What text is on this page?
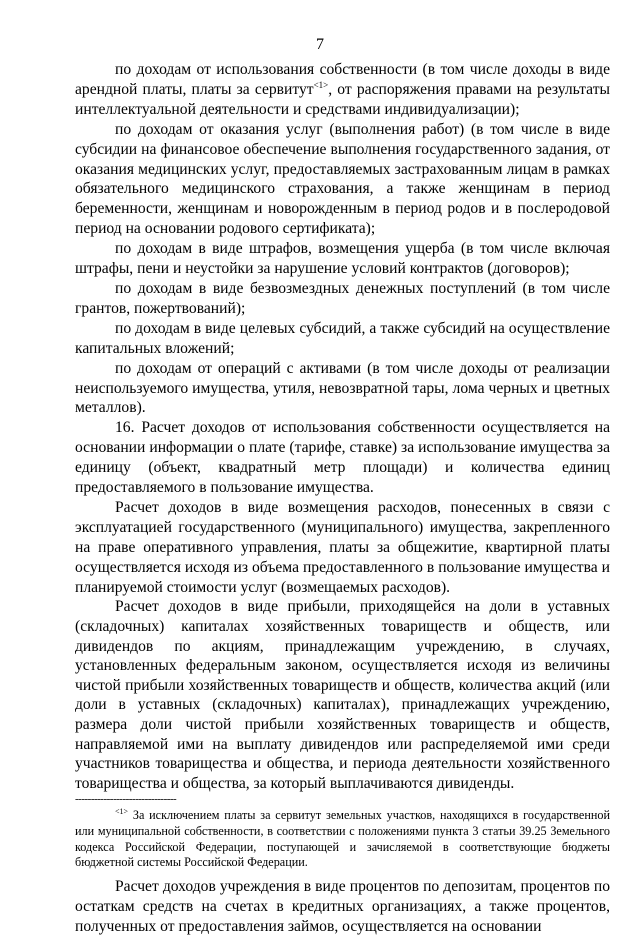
7

по доходам от использования собственности (в том числе доходы в виде арендной платы, платы за сервитут$^{<1>}$, от распоряжения правами на результаты интеллектуальной деятельности и средствами индивидуализации);

по доходам от оказания услуг (выполнения работ) (в том числе в виде субсидии на финансовое обеспечение выполнения государственного задания, от оказания медицинских услуг, предоставляемых застрахованным лицам в рамках обязательного медицинского страхования, а также женщинам в период беременности, женщинам и новорожденным в период родов и в послеродовой период на основании родового сертификата);

по доходам в виде штрафов, возмещения ущерба (в том числе включая штрафы, пени и неустойки за нарушение условий контрактов (договоров);

по доходам в виде безвозмездных денежных поступлений (в том числе грантов, пожертвований);

по доходам в виде целевых субсидий, а также субсидий на осуществление капитальных вложений;

по доходам от операций с активами (в том числе доходы от реализации неиспользуемого имущества, утиля, невозвратной тары, лома черных и цветных металлов).

16. Расчет доходов от использования собственности осуществляется на основании информации о плате (тарифе, ставке) за использование имущества за единицу (объект, квадратный метр площади) и количества единиц предоставляемого в пользование имущества.

Расчет доходов в виде возмещения расходов, понесенных в связи с эксплуатацией государственного (муниципального) имущества, закрепленного на праве оперативного управления, платы за общежитие, квартирной платы осуществляется исходя из объема предоставленного в пользование имущества и планируемой стоимости услуг (возмещаемых расходов).

Расчет доходов в виде прибыли, приходящейся на доли в уставных (складочных) капиталах хозяйственных товариществ и обществ, или дивидендов по акциям, принадлежащим учреждению, в случаях, установленных федеральным законом, осуществляется исходя из величины чистой прибыли хозяйственных товариществ и обществ, количества акций (или доли в уставных (складочных) капиталах), принадлежащих учреждению, размера доли чистой прибыли хозяйственных товариществ и обществ, направляемой ими на выплату дивидендов или распределяемой ими среди участников товарищества и общества, и периода деятельности хозяйственного товарищества и общества, за который выплачиваются дивиденды.

--------------------------------

$^{<1>}$ За исключением платы за сервитут земельных участков, находящихся в государственной или муниципальной собственности, в соответствии с положениями пункта 3 статьи 39.25 Земельного кодекса Российской Федерации, поступающей и зачисляемой в соответствующие бюджеты бюджетной системы Российской Федерации.

Расчет доходов учреждения в виде процентов по депозитам, процентов по остаткам средств на счетах в кредитных организациях, а также процентов, полученных от предоставления займов, осуществляется на основании
